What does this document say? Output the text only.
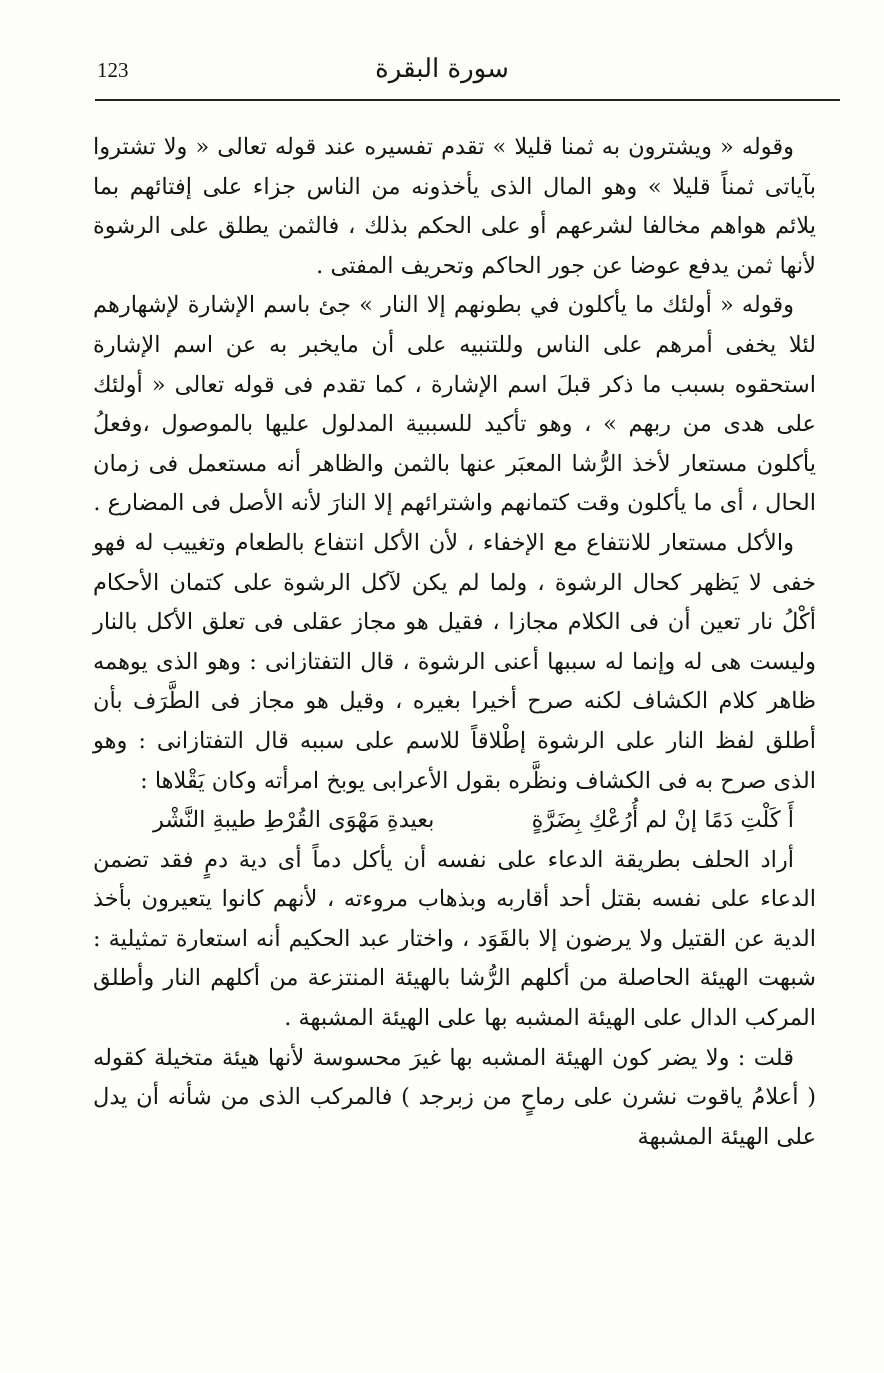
123	سورة البقرة

وقوله « ويشترون به ثمنا قليلا » تقدم تفسيره عند قوله تعالى « ولا تشتروا بآياتى ثمناً قليلا » وهو المال الذى يأخذونه من الناس جزاء على إفتائهم بما يلائم هواهم مخالفا لشرعهم أو على الحكم بذلك ، فالثمن يطلق على الرشوة لأنها ثمن يدفع عوضا عن جور الحاكم وتحريف المفتى .

وقوله « أولئك ما يأكلون في بطونهم إلا النار » جئ باسم الإشارة لإشهارهم لئلا يخفى أمرهم على الناس وللتنبيه على أن مايخبر به عن اسم الإشارة استحقوه بسبب ما ذكر قبلَ اسم الإشارة ، كما تقدم فى قوله تعالى « أولئك على هدى من ربهم » ، وهو تأكيد للسببية المدلول عليها بالموصول ،وفعلُ يأكلون مستعار لأخذ الرُّشا المعبَر عنها بالثمن والظاهر أنه مستعمل فى زمان الحال ، أى ما يأكلون وقت كتمانهم واشترائهم إلا النارَ لأنه الأصل فى المضارع .

والأكل مستعار للانتفاع مع الإخفاء ، لأن الأكل انتفاع بالطعام وتغييب له فهو خفى لا يَظهر كحال الرشوة ، ولما لم يكن لآكل الرشوة على كتمان الأحكام أكْلُ نار تعين أن فى الكلام مجازا ، فقيل هو مجاز عقلى فى تعلق الأكل بالنار وليست هى له وإنما له سببها أعنى الرشوة ، قال التفتازانى : وهو الذى يوهمه ظاهر كلام الكشاف لكنه صرح أخيرا بغيره ، وقيل هو مجاز فى الطَّرَف بأن أطلق لفظ النار على الرشوة إطْلاقاً للاسم على سببه قال التفتازانى : وهو الذى صرح به فى الكشاف ونظَّره بقول الأعرابى يوبخ امرأته وكان يَقْلاها :

أَ كَلْتِ دَمًا إنْ لم أُرُعْكِ بِضَرَّةٍ
بعيدةِ مَهْوَى القُرْطِ طيبةِ النَّشْر

أراد الحلف بطريقة الدعاء على نفسه أن يأكل دماً أى دية دمٍ فقد تضمن الدعاء على نفسه بقتل أحد أقاربه وبذهاب مروءته ، لأنهم كانوا يتعيرون بأخذ الدية عن القتيل ولا يرضون إلا بالقَوَد ، واختار عبد الحكيم أنه استعارة تمثيلية : شبهت الهيئة الحاصلة من أكلهم الرُّشا بالهيئة المنتزعة من أكلهم النار وأطلق المركب الدال على الهيئة المشبه بها على الهيئة المشبهة .

قلت : ولا يضر كون الهيئة المشبه بها غيرَ محسوسة لأنها هيئة متخيلة كقوله ( أعلامُ ياقوت نشرن على رماحٍ من زبرجد ) فالمركب الذى من شأنه أن يدل على الهيئة المشبهة
